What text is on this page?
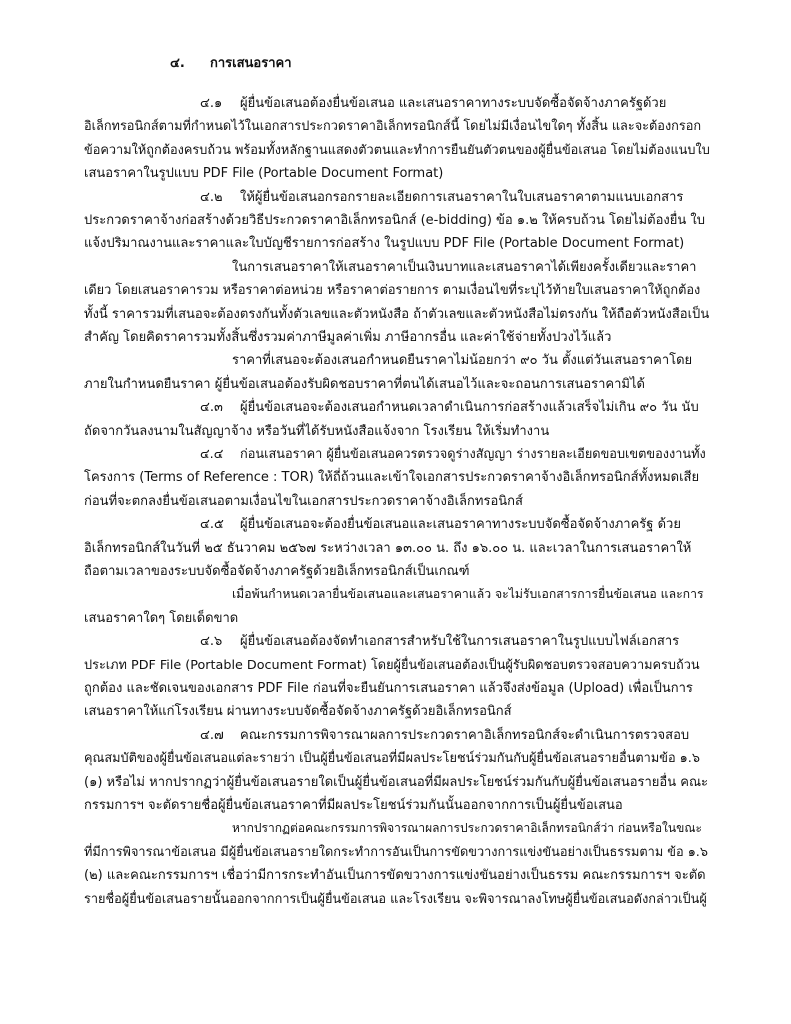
๔. การเสนอราคา
๔.๑ ผู้ยื่นข้อเสนอต้องยื่นข้อเสนอ และเสนอราคาทางระบบจัดซื้อจัดจ้างภาครัฐด้วย
อิเล็กทรอนิกส์ตามที่กำหนดไว้ในเอกสารประกวดราคาอิเล็กทรอนิกส์นี้ โดยไม่มีเงื่อนไขใดๆ ทั้งสิ้น และจะต้องกรอก
ข้อความให้ถูกต้องครบถ้วน พร้อมทั้งหลักฐานแสดงตัวตนและทำการยืนยันตัวตนของผู้ยื่นข้อเสนอ โดยไม่ต้องแนบใบ
เสนอราคาในรูปแบบ PDF File (Portable Document Format)
๔.๒ ให้ผู้ยื่นข้อเสนอกรอกรายละเอียดการเสนอราคาในใบเสนอราคาตามแนบเอกสาร
ประกวดราคาจ้างก่อสร้างด้วยวิธีประกวดราคาอิเล็กทรอนิกส์ (e-bidding) ข้อ ๑.๒ ให้ครบถ้วน โดยไม่ต้องยื่น ใบ
แจ้งปริมาณงานและราคาและใบบัญชีรายการก่อสร้าง ในรูปแบบ PDF File (Portable Document Format)
ในการเสนอราคาให้เสนอราคาเป็นเงินบาทและเสนอราคาได้เพียงครั้งเดียวและราคา
เดียว โดยเสนอราคารวม หรือราคาต่อหน่วย หรือราคาต่อรายการ ตามเงื่อนไขที่ระบุไว้ท้ายใบเสนอราคาให้ถูกต้อง
ทั้งนี้ ราคารวมที่เสนอจะต้องตรงกันทั้งตัวเลขและตัวหนังสือ ถ้าตัวเลขและตัวหนังสือไม่ตรงกัน ให้ถือตัวหนังสือเป็น
สำคัญ โดยคิดราคารวมทั้งสิ้นซึ่งรวมค่าภาษีมูลค่าเพิ่ม ภาษีอากรอื่น และค่าใช้จ่ายทั้งปวงไว้แล้ว
ราคาที่เสนอจะต้องเสนอกำหนดยืนราคาไม่น้อยกว่า ๙๐ วัน ตั้งแต่วันเสนอราคาโดย
ภายในกำหนดยืนราคา ผู้ยื่นข้อเสนอต้องรับผิดชอบราคาที่ตนได้เสนอไว้และจะถอนการเสนอราคามิได้
๔.๓ ผู้ยื่นข้อเสนอจะต้องเสนอกำหนดเวลาดำเนินการก่อสร้างแล้วเสร็จไม่เกิน ๙๐ วัน นับ
ถัดจากวันลงนามในสัญญาจ้าง หรือวันที่ได้รับหนังสือแจ้งจาก โรงเรียน ให้เริ่มทำงาน
๔.๔ ก่อนเสนอราคา ผู้ยื่นข้อเสนอควรตรวจดูร่างสัญญา ร่างรายละเอียดขอบเขตของงานทั้ง
โครงการ (Terms of Reference : TOR) ให้ถี่ถ้วนและเข้าใจเอกสารประกวดราคาจ้างอิเล็กทรอนิกส์ทั้งหมดเสีย
ก่อนที่จะตกลงยื่นข้อเสนอตามเงื่อนไขในเอกสารประกวดราคาจ้างอิเล็กทรอนิกส์
๔.๕ ผู้ยื่นข้อเสนอจะต้องยื่นข้อเสนอและเสนอราคาทางระบบจัดซื้อจัดจ้างภาครัฐ ด้วย
อิเล็กทรอนิกส์ในวันที่ ๒๕ ธันวาคม ๒๕๖๗ ระหว่างเวลา ๑๓.๐๐ น. ถึง ๑๖.๐๐ น. และเวลาในการเสนอราคาให้
ถือตามเวลาของระบบจัดซื้อจัดจ้างภาครัฐด้วยอิเล็กทรอนิกส์เป็นเกณฑ์
เมื่อพ้นกำหนดเวลายื่นข้อเสนอและเสนอราคาแล้ว จะไม่รับเอกสารการยื่นข้อเสนอ และการ
เสนอราคาใดๆ โดยเด็ดขาด
๔.๖ ผู้ยื่นข้อเสนอต้องจัดทำเอกสารสำหรับใช้ในการเสนอราคาในรูปแบบไฟล์เอกสาร
ประเภท PDF File (Portable Document Format) โดยผู้ยื่นข้อเสนอต้องเป็นผู้รับผิดชอบตรวจสอบความครบถ้วน
ถูกต้อง และชัดเจนของเอกสาร PDF File ก่อนที่จะยืนยันการเสนอราคา แล้วจึงส่งข้อมูล (Upload) เพื่อเป็นการ
เสนอราคาให้แก่โรงเรียน ผ่านทางระบบจัดซื้อจัดจ้างภาครัฐด้วยอิเล็กทรอนิกส์
๔.๗ คณะกรรมการพิจารณาผลการประกวดราคาอิเล็กทรอนิกส์จะดำเนินการตรวจสอบ
คุณสมบัติของผู้ยื่นข้อเสนอแต่ละรายว่า เป็นผู้ยื่นข้อเสนอที่มีผลประโยชน์ร่วมกันกับผู้ยื่นข้อเสนอรายอื่นตามข้อ ๑.๖
(๑) หรือไม่ หากปรากฏว่าผู้ยื่นข้อเสนอรายใดเป็นผู้ยื่นข้อเสนอที่มีผลประโยชน์ร่วมกันกับผู้ยื่นข้อเสนอรายอื่น คณะ
กรรมการฯ จะตัดรายชื่อผู้ยื่นข้อเสนอราคาที่มีผลประโยชน์ร่วมกันนั้นออกจากการเป็นผู้ยื่นข้อเสนอ
หากปรากฏต่อคณะกรรมการพิจารณาผลการประกวดราคาอิเล็กทรอนิกส์ว่า ก่อนหรือในขณะ
ที่มีการพิจารณาข้อเสนอ มีผู้ยื่นข้อเสนอรายใดกระทำการอันเป็นการขัดขวางการแข่งขันอย่างเป็นธรรมตาม ข้อ ๑.๖
(๒) และคณะกรรมการฯ เชื่อว่ามีการกระทำอันเป็นการขัดขวางการแข่งขันอย่างเป็นธรรม คณะกรรมการฯ จะตัด
รายชื่อผู้ยื่นข้อเสนอรายนั้นออกจากการเป็นผู้ยื่นข้อเสนอ และโรงเรียน จะพิจารณาลงโทษผู้ยื่นข้อเสนอดังกล่าวเป็นผู้
